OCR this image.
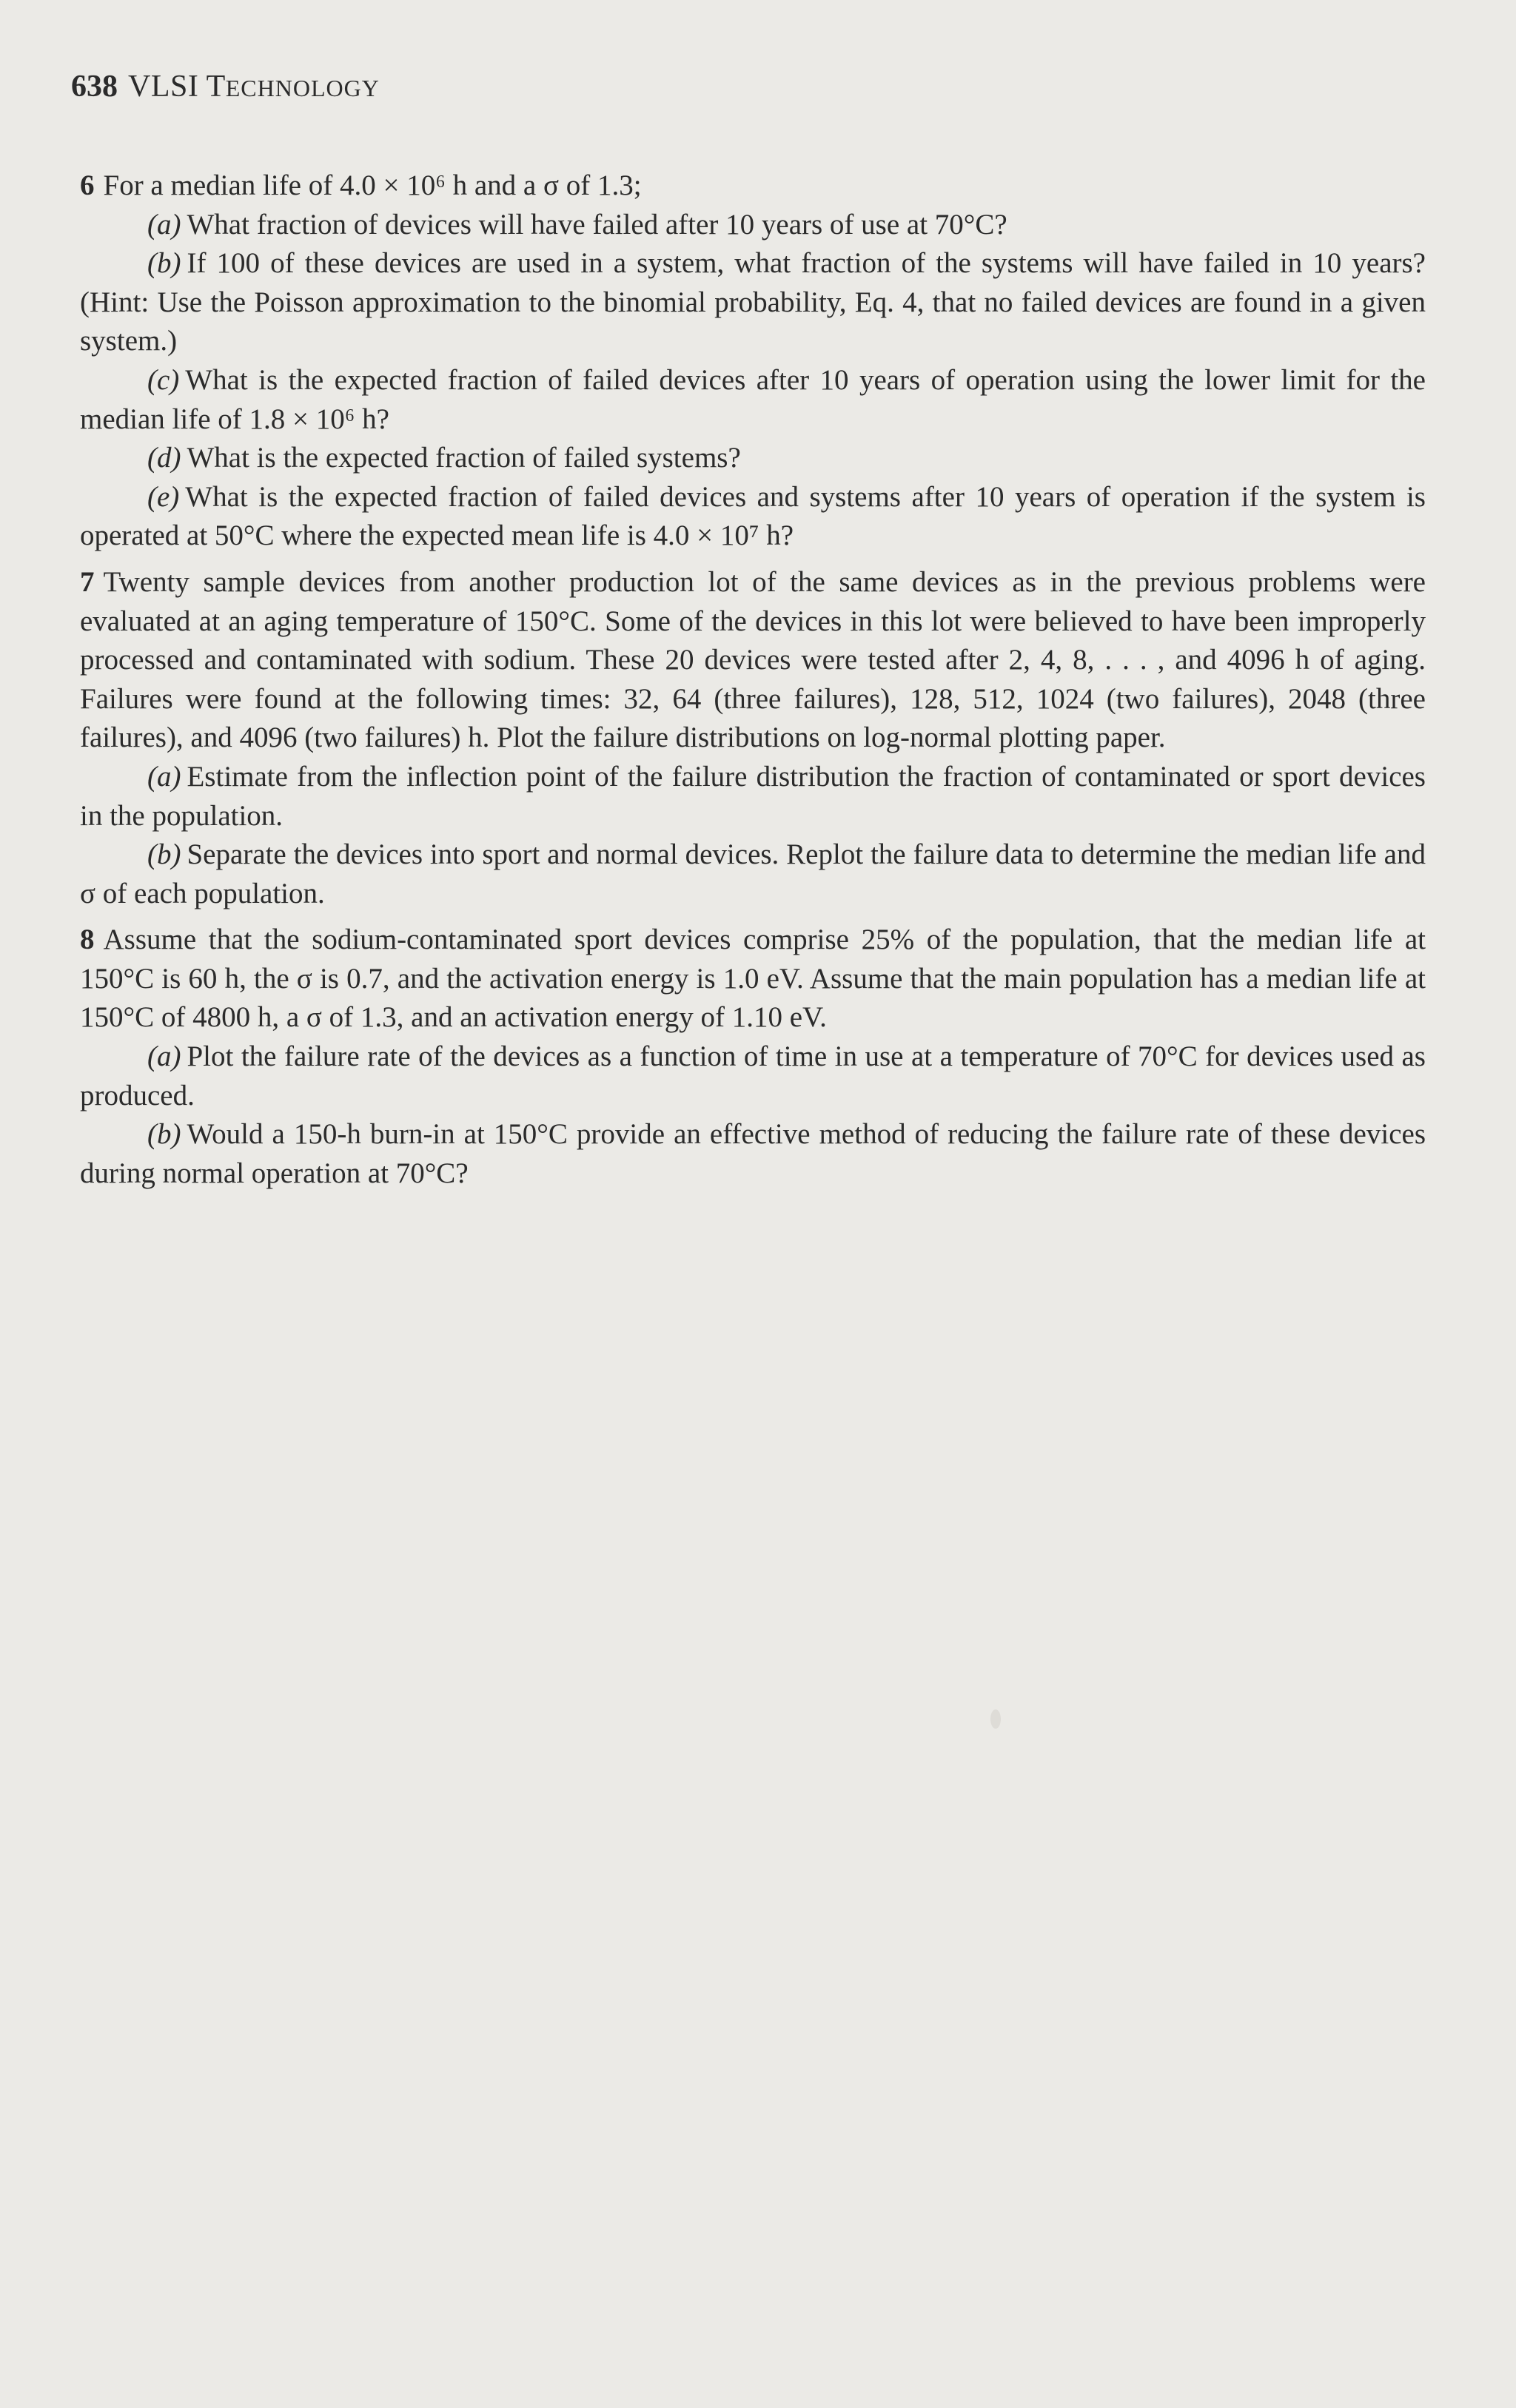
638 VLSI TECHNOLOGY

6 For a median life of 4.0 × 10⁶ h and a σ of 1.3;

(a) What fraction of devices will have failed after 10 years of use at 70°C?

(b) If 100 of these devices are used in a system, what fraction of the systems will have failed in 10 years? (Hint: Use the Poisson approximation to the binomial probability, Eq. 4, that no failed devices are found in a given system.)

(c) What is the expected fraction of failed devices after 10 years of operation using the lower limit for the median life of 1.8 × 10⁶ h?

(d) What is the expected fraction of failed systems?

(e) What is the expected fraction of failed devices and systems after 10 years of operation if the system is operated at 50°C where the expected mean life is 4.0 × 10⁷ h?

7 Twenty sample devices from another production lot of the same devices as in the previous problems were evaluated at an aging temperature of 150°C. Some of the devices in this lot were believed to have been improperly processed and contaminated with sodium. These 20 devices were tested after 2, 4, 8, . . . , and 4096 h of aging. Failures were found at the following times: 32, 64 (three failures), 128, 512, 1024 (two failures), 2048 (three failures), and 4096 (two failures) h. Plot the failure distributions on log-normal plotting paper.

(a) Estimate from the inflection point of the failure distribution the fraction of contaminated or sport devices in the population.

(b) Separate the devices into sport and normal devices. Replot the failure data to determine the median life and σ of each population.

8 Assume that the sodium-contaminated sport devices comprise 25% of the population, that the median life at 150°C is 60 h, the σ is 0.7, and the activation energy is 1.0 eV. Assume that the main population has a median life at 150°C of 4800 h, a σ of 1.3, and an activation energy of 1.10 eV.

(a) Plot the failure rate of the devices as a function of time in use at a temperature of 70°C for devices used as produced.

(b) Would a 150-h burn-in at 150°C provide an effective method of reducing the failure rate of these devices during normal operation at 70°C?
